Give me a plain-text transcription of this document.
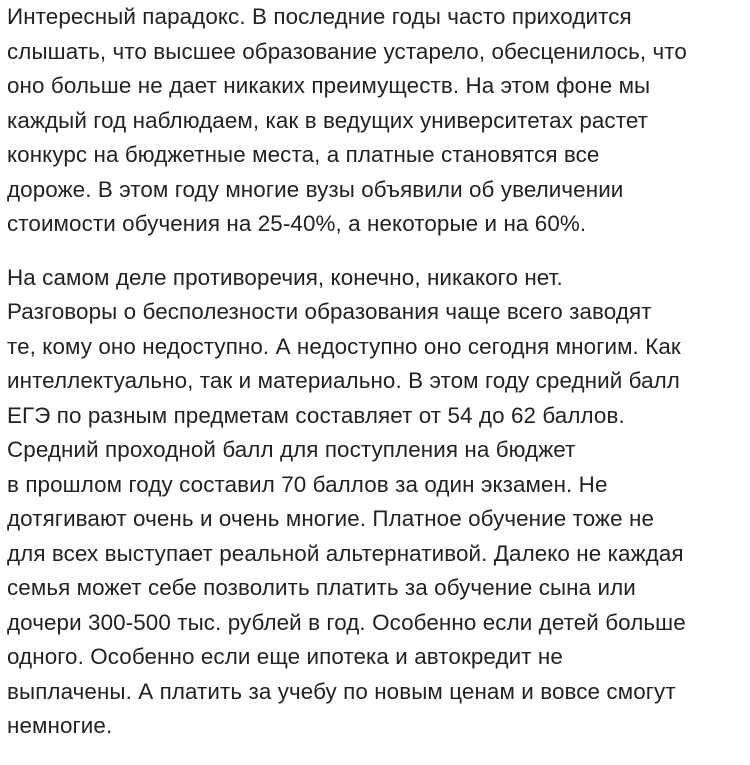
Интересный парадокс. В последние годы часто приходится
слышать, что высшее образование устарело, обесценилось, что
оно больше не дает никаких преимуществ. На этом фоне мы
каждый год наблюдаем, как в ведущих университетах растет
конкурс на бюджетные места, а платные становятся все
дороже. В этом году многие вузы объявили об увеличении
стоимости обучения на 25-40%, а некоторые и на 60%.
На самом деле противоречия, конечно, никакого нет.
Разговоры о бесполезности образования чаще всего заводят
те, кому оно недоступно. А недоступно оно сегодня многим. Как
интеллектуально, так и материально. В этом году средний балл
ЕГЭ по разным предметам составляет от 54 до 62 баллов.
Средний проходной балл для поступления на бюджет
в прошлом году составил 70 баллов за один экзамен. Не
дотягивают очень и очень многие. Платное обучение тоже не
для всех выступает реальной альтернативой. Далеко не каждая
семья может себе позволить платить за обучение сына или
дочери 300-500 тыс. рублей в год. Особенно если детей больше
одного. Особенно если еще ипотека и автокредит не
выплачены. А платить за учебу по новым ценам и вовсе смогут
немногие.
